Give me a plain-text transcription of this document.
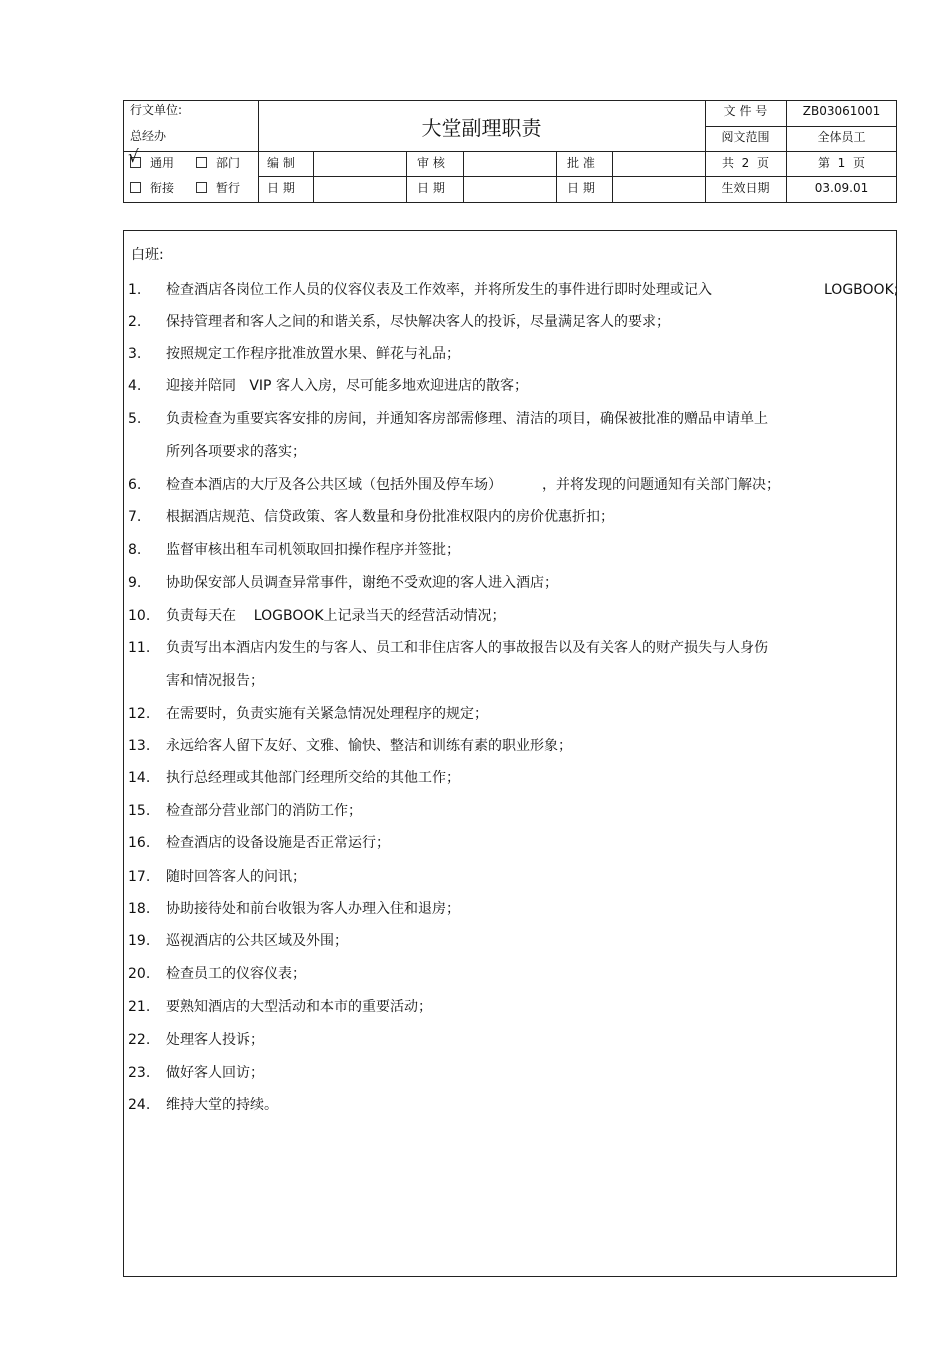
行文单位:
总经办	大堂副理职责
文 件 号	ZB03061001
阅文范围	全体员工
√ 通用	部门
衔接	暂行
编 制	审 核	批 准
日 期	日 期	日 期
共  2  页	第  1  页
生效日期	03.09.01
白班:
1. 检查酒店各岗位工作人员的仪容仪表及工作效率，并将所发生的事件进行即时处理或记入	LOGBOOK;
2. 保持管理者和客人之间的和谐关系，尽快解决客人的投诉，尽量满足客人的要求；
3. 按照规定工作程序批准放置水果、鲜花与礼品；
4. 迎接并陪同   VIP 客人入房，尽可能多地欢迎进店的散客；
5. 负责检查为重要宾客安排的房间，并通知客房部需修理、清洁的项目，确保被批准的赠品申请单上
所列各项要求的落实；
6. 检查本酒店的大厅及各公共区域（包括外围及停车场）         ，并将发现的问题通知有关部门解决；
7. 根据酒店规范、信贷政策、客人数量和身份批准权限内的房价优惠折扣；
8. 监督审核出租车司机领取回扣操作程序并签批；
9. 协助保安部人员调查异常事件，谢绝不受欢迎的客人进入酒店；
10. 负责每天在    LOGBOOK上记录当天的经营活动情况；
11. 负责写出本酒店内发生的与客人、员工和非住店客人的事故报告以及有关客人的财产损失与人身伤
害和情况报告；
12. 在需要时，负责实施有关紧急情况处理程序的规定；
13. 永远给客人留下友好、文雅、愉快、整洁和训练有素的职业形象；
14. 执行总经理或其他部门经理所交给的其他工作；
15. 检查部分营业部门的消防工作；
16. 检查酒店的设备设施是否正常运行；
17. 随时回答客人的问讯；
18. 协助接待处和前台收银为客人办理入住和退房；
19. 巡视酒店的公共区域及外围；
20. 检查员工的仪容仪表；
21. 要熟知酒店的大型活动和本市的重要活动；
22. 处理客人投诉；
23. 做好客人回访；
24. 维持大堂的持续。
